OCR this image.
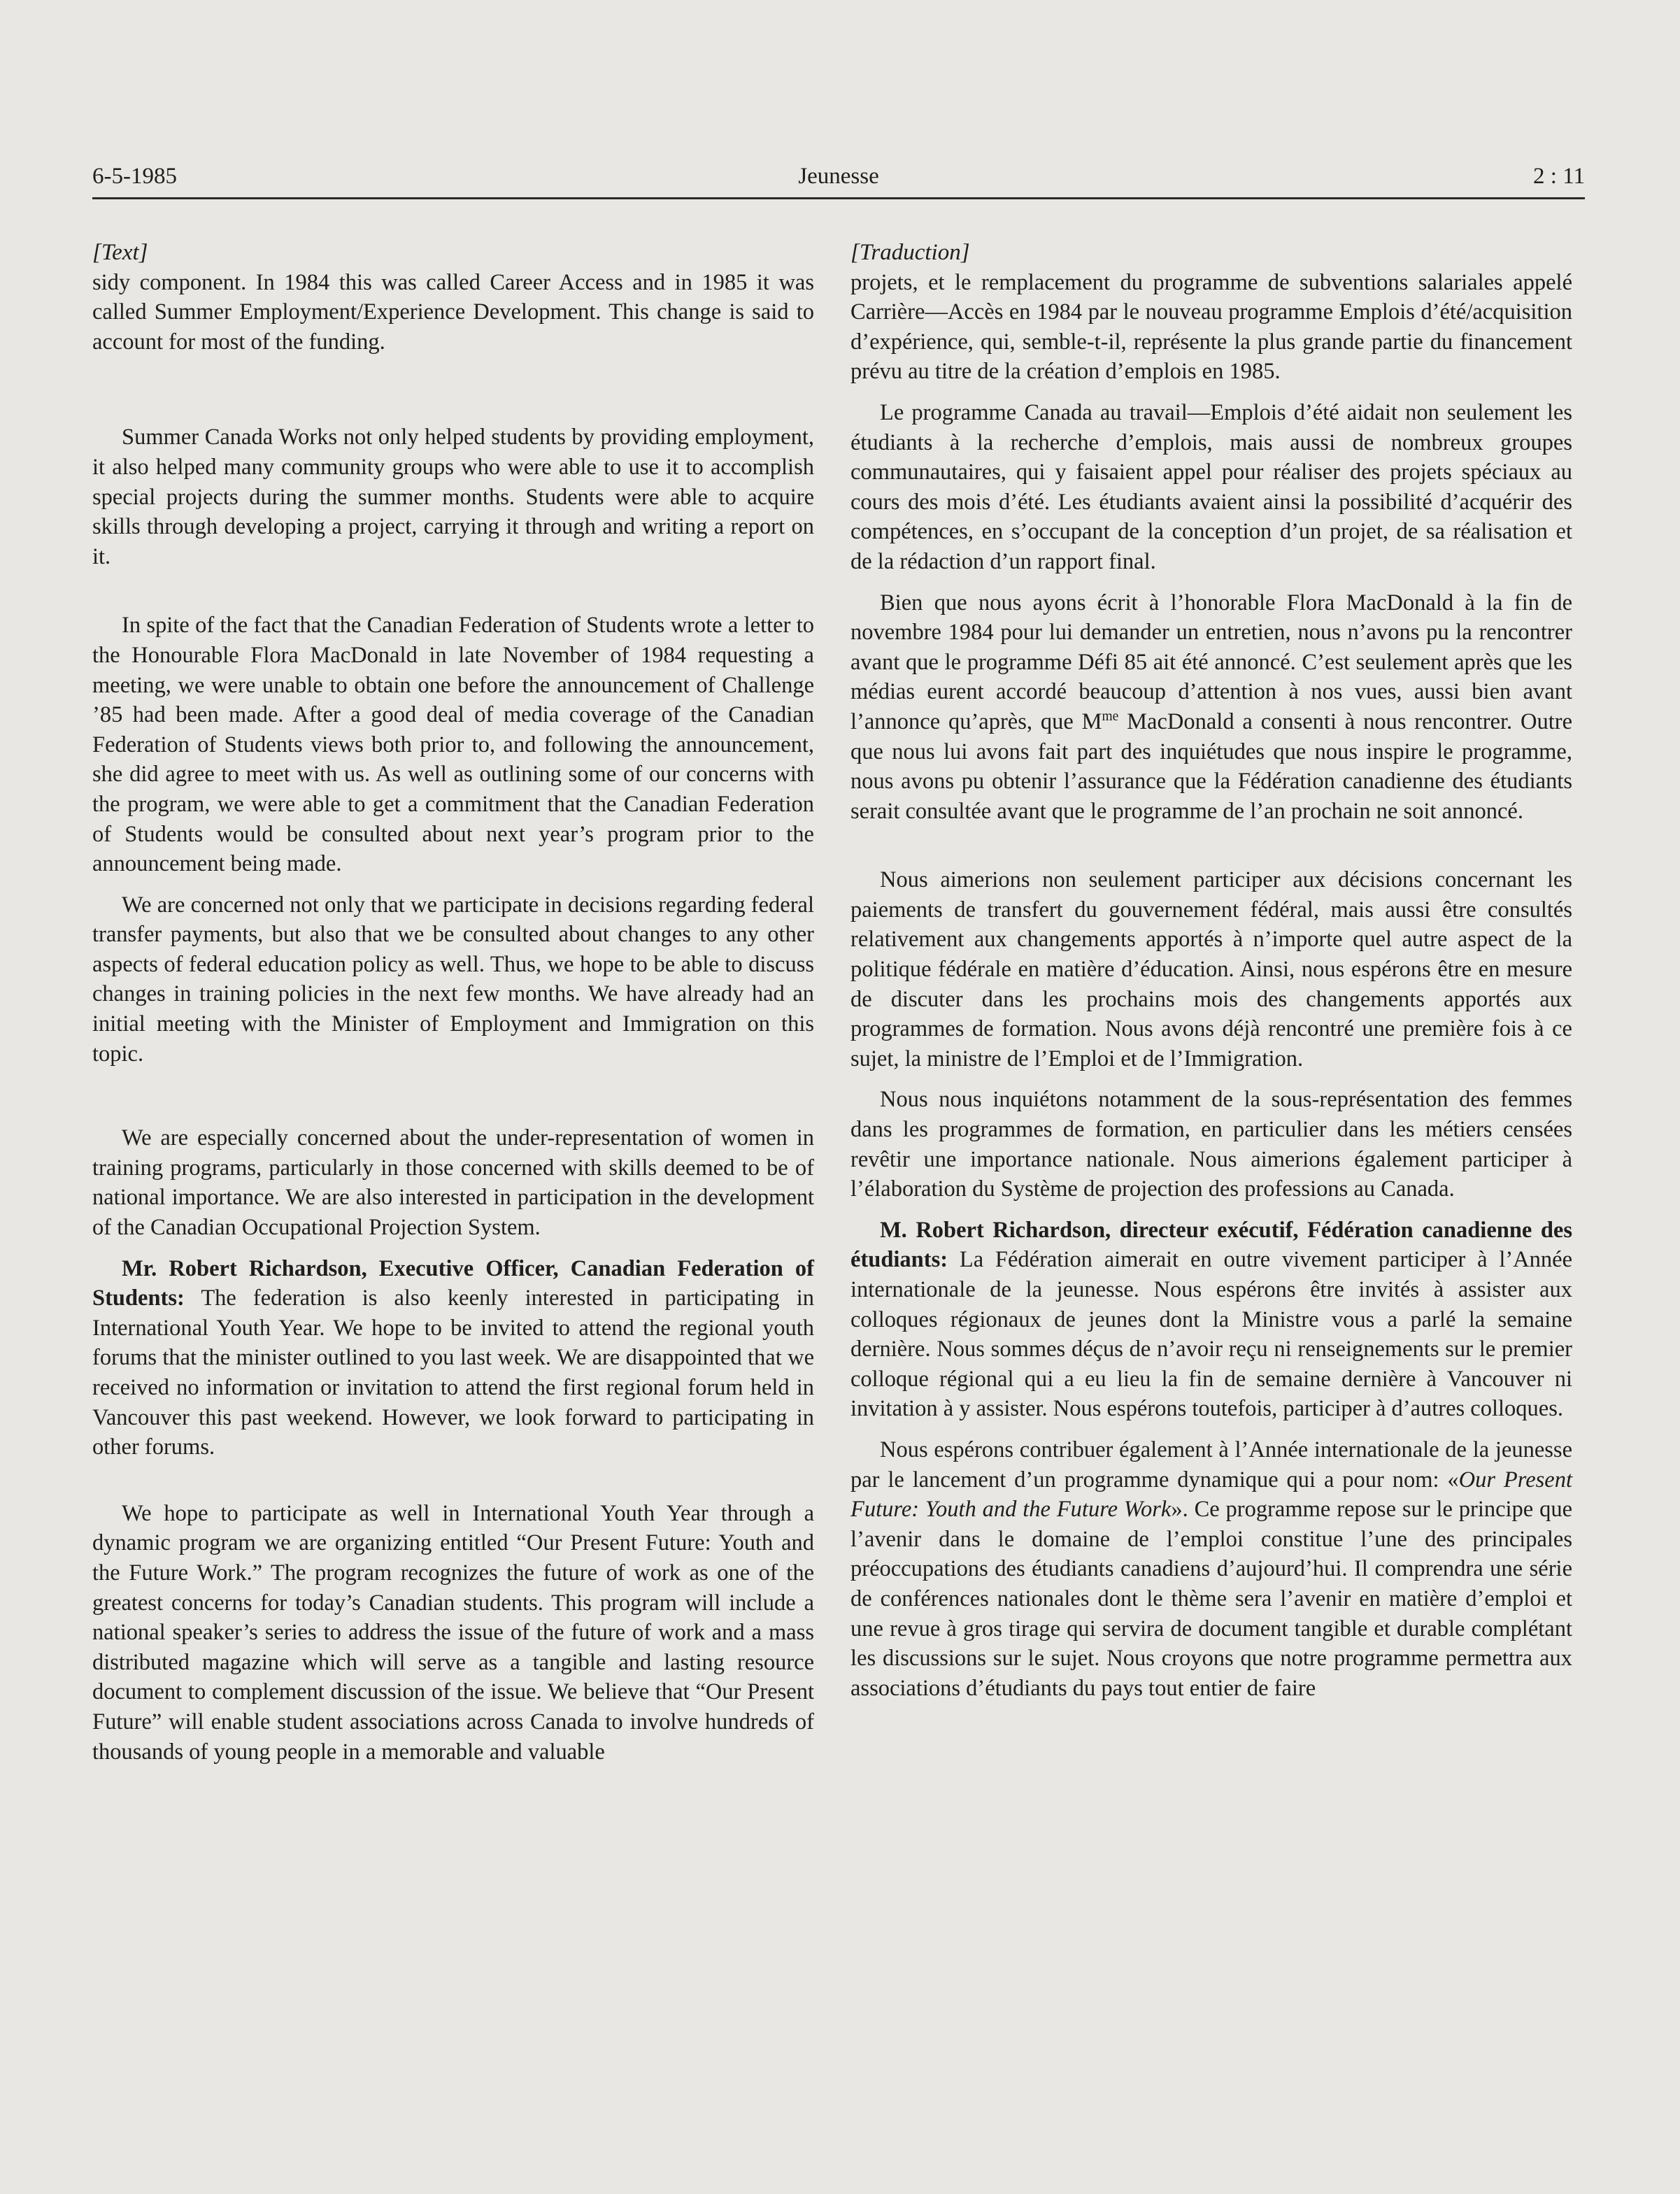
6-5-1985	Jeunesse	2 : 11
[Text]

sidy component. In 1984 this was called Career Access and in 1985 it was called Summer Employment/Experience Development. This change is said to account for most of the funding.

Summer Canada Works not only helped students by providing employment, it also helped many community groups who were able to use it to accomplish special projects during the summer months. Students were able to acquire skills through developing a project, carrying it through and writing a report on it.

In spite of the fact that the Canadian Federation of Students wrote a letter to the Honourable Flora MacDonald in late November of 1984 requesting a meeting, we were unable to obtain one before the announcement of Challenge ’85 had been made. After a good deal of media coverage of the Canadian Federation of Students views both prior to, and following the announcement, she did agree to meet with us. As well as outlining some of our concerns with the program, we were able to get a commitment that the Canadian Federation of Students would be consulted about next year’s program prior to the announcement being made.

We are concerned not only that we participate in decisions regarding federal transfer payments, but also that we be consulted about changes to any other aspects of federal education policy as well. Thus, we hope to be able to discuss changes in training policies in the next few months. We have already had an initial meeting with the Minister of Employment and Immigration on this topic.

We are especially concerned about the under-representation of women in training programs, particularly in those concerned with skills deemed to be of national importance. We are also interested in participation in the development of the Canadian Occupational Projection System.

Mr. Robert Richardson, Executive Officer, Canadian Federation of Students: The federation is also keenly interested in participating in International Youth Year. We hope to be invited to attend the regional youth forums that the minister outlined to you last week. We are disappointed that we received no information or invitation to attend the first regional forum held in Vancouver this past weekend. However, we look forward to participating in other forums.

We hope to participate as well in International Youth Year through a dynamic program we are organizing entitled “Our Present Future: Youth and the Future Work.” The program recognizes the future of work as one of the greatest concerns for today’s Canadian students. This program will include a national speaker’s series to address the issue of the future of work and a mass distributed magazine which will serve as a tangible and lasting resource document to complement discussion of the issue. We believe that “Our Present Future” will enable student associations across Canada to involve hundreds of thousands of young people in a memorable and valuable

[Traduction]

projets, et le remplacement du programme de subventions salariales appelé Carrière—Accès en 1984 par le nouveau programme Emplois d’été/acquisition d’expérience, qui, semble-t-il, représente la plus grande partie du financement prévu au titre de la création d’emplois en 1985.

Le programme Canada au travail—Emplois d’été aidait non seulement les étudiants à la recherche d’emplois, mais aussi de nombreux groupes communautaires, qui y faisaient appel pour réaliser des projets spéciaux au cours des mois d’été. Les étudiants avaient ainsi la possibilité d’acquérir des compétences, en s’occupant de la conception d’un projet, de sa réalisation et de la rédaction d’un rapport final.

Bien que nous ayons écrit à l’honorable Flora MacDonald à la fin de novembre 1984 pour lui demander un entretien, nous n’avons pu la rencontrer avant que le programme Défi 85 ait été annoncé. C’est seulement après que les médias eurent accordé beaucoup d’attention à nos vues, aussi bien avant l’annonce qu’après, que $M^{me}$ MacDonald a consenti à nous rencontrer. Outre que nous lui avons fait part des inquiétudes que nous inspire le programme, nous avons pu obtenir l’assurance que la Fédération canadienne des étudiants serait consultée avant que le programme de l’an prochain ne soit annoncé.

Nous aimerions non seulement participer aux décisions concernant les paiements de transfert du gouvernement fédéral, mais aussi être consultés relativement aux changements apportés à n’importe quel autre aspect de la politique fédérale en matière d’éducation. Ainsi, nous espérons être en mesure de discuter dans les prochains mois des changements apportés aux programmes de formation. Nous avons déjà rencontré une première fois à ce sujet, la ministre de l’Emploi et de l’Immigration.

Nous nous inquiétons notamment de la sous-représentation des femmes dans les programmes de formation, en particulier dans les métiers censées revêtir une importance nationale. Nous aimerions également participer à l’élaboration du Système de projection des professions au Canada.

M. Robert Richardson, directeur exécutif, Fédération canadienne des étudiants: La Fédération aimerait en outre vivement participer à l’Année internationale de la jeunesse. Nous espérons être invités à assister aux colloques régionaux de jeunes dont la Ministre vous a parlé la semaine dernière. Nous sommes déçus de n’avoir reçu ni renseignements sur le premier colloque régional qui a eu lieu la fin de semaine dernière à Vancouver ni invitation à y assister. Nous espérons toutefois, participer à d’autres colloques.

Nous espérons contribuer également à l’Année internationale de la jeunesse par le lancement d’un programme dynamique qui a pour nom: «Our Present Future: Youth and the Future Work». Ce programme repose sur le principe que l’avenir dans le domaine de l’emploi constitue l’une des principales préoccupations des étudiants canadiens d’aujourd’hui. Il comprendra une série de conférences nationales dont le thème sera l’avenir en matière d’emploi et une revue à gros tirage qui servira de document tangible et durable complétant les discussions sur le sujet. Nous croyons que notre programme permettra aux associations d’étudiants du pays tout entier de faire
